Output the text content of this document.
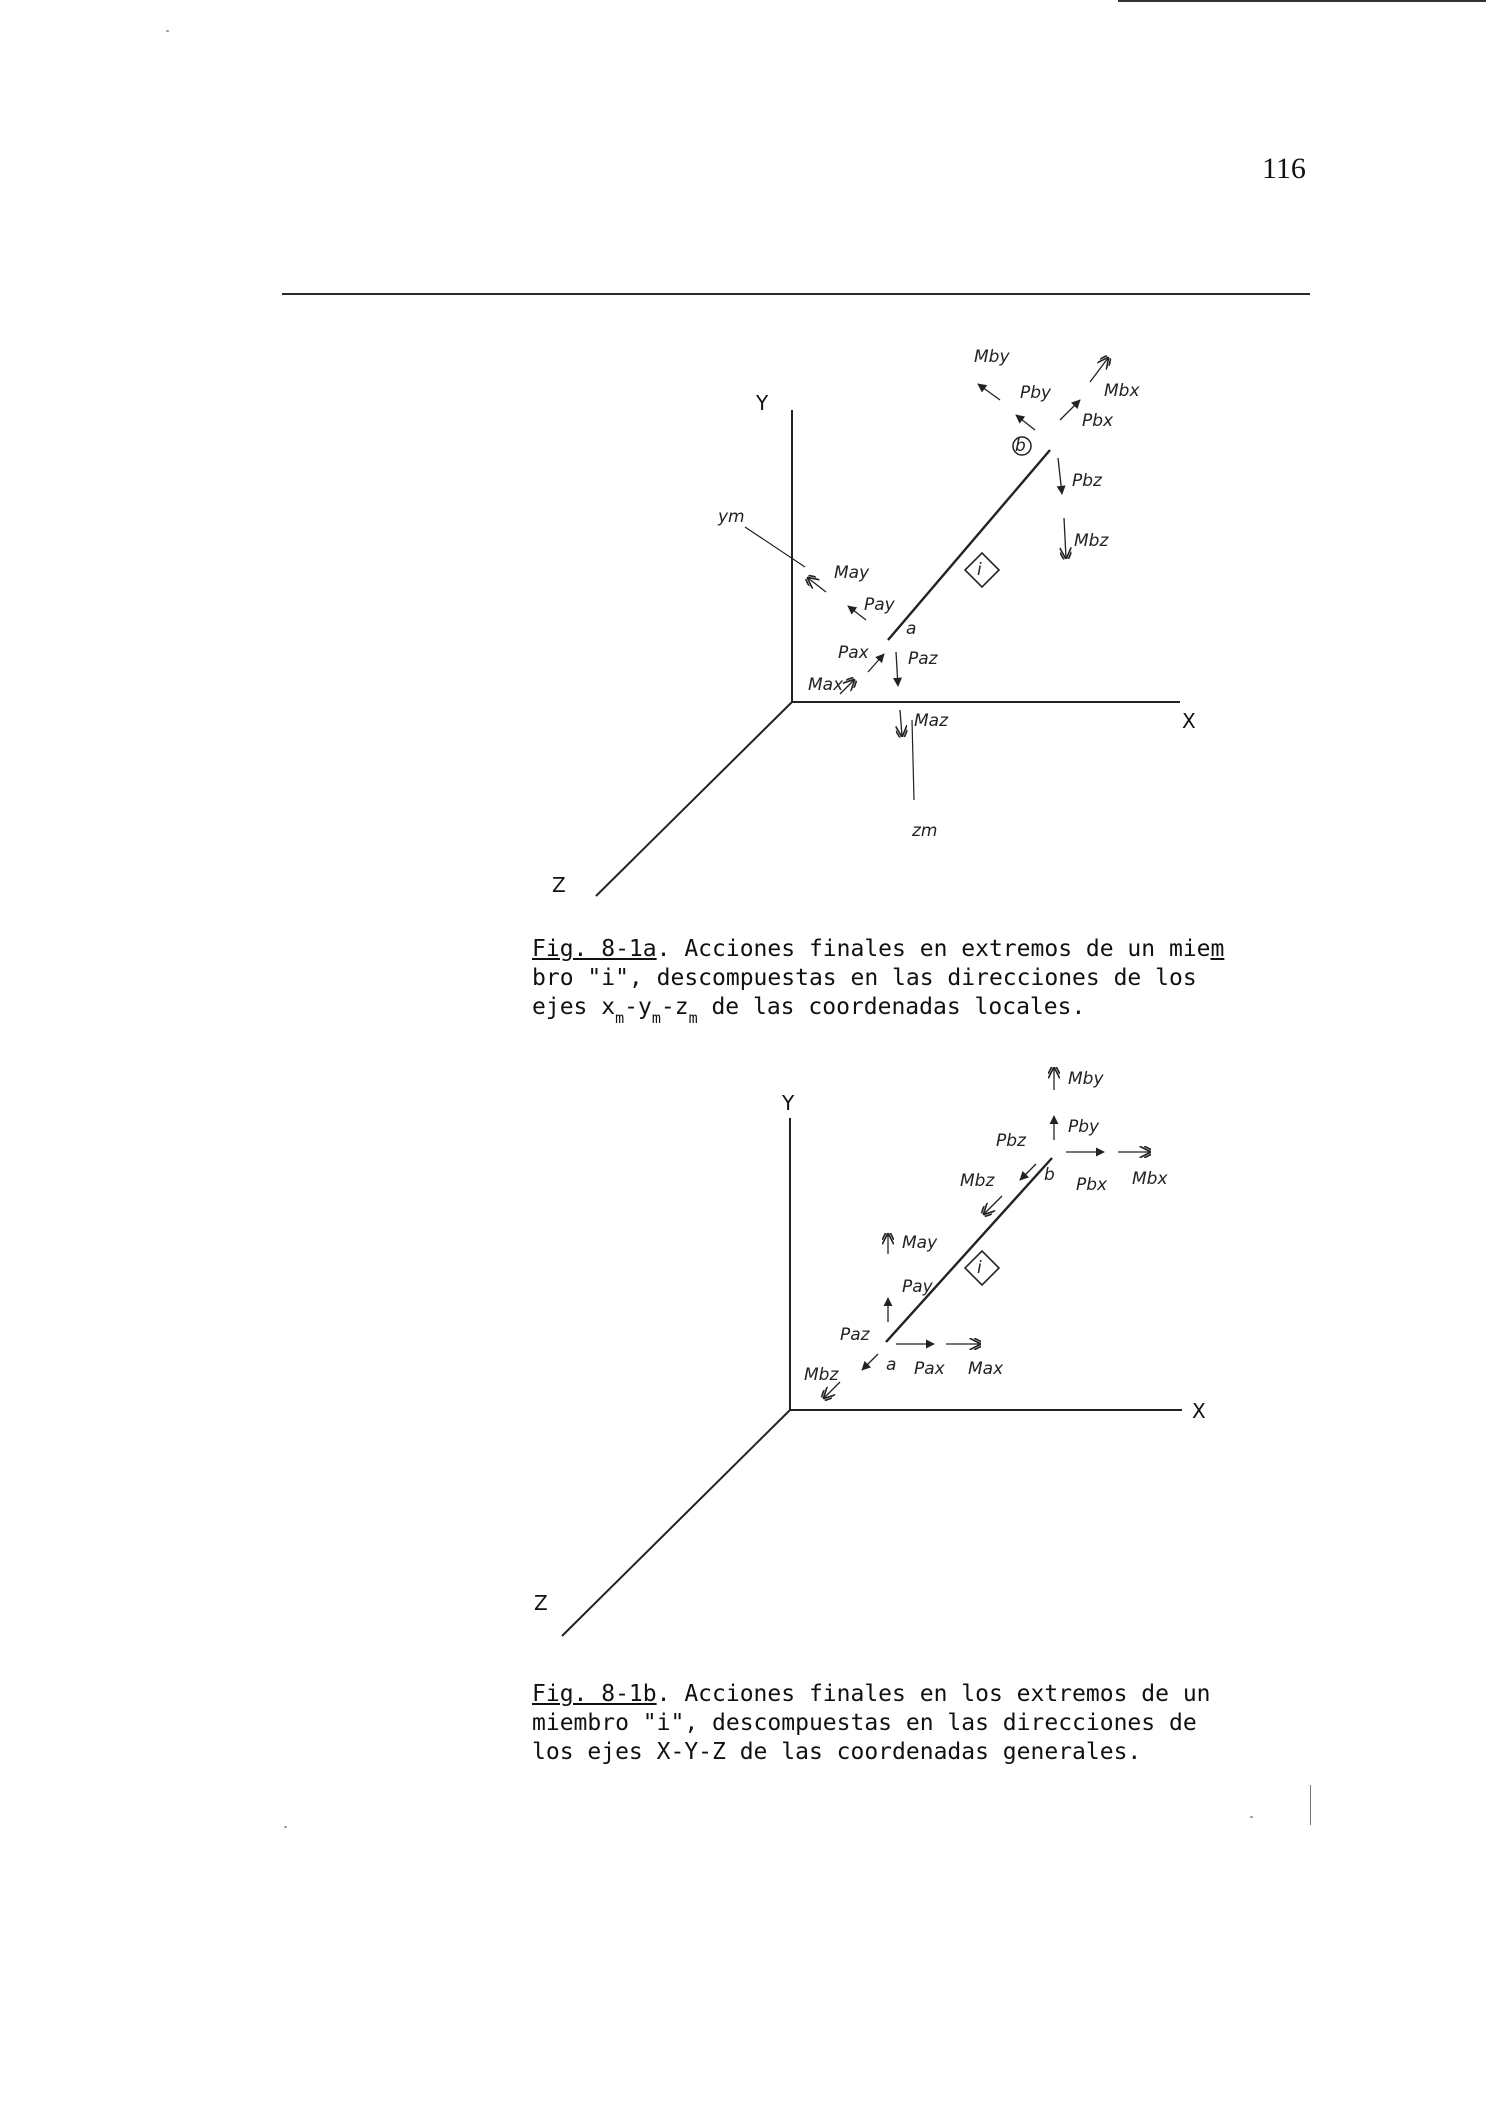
116
Y
X
Z
Mby
Pby	Mbx
Pbx
Pbz
Mbz
b
i
ym
May
Pay
a
Pax Paz
Max
Maz
zm
Y
X
Z
Mby
Pby
Pbz
Mbz	b Pbx Mbx
i
May
Pay
Paz
a Pax Max
Mbz
Fig. 8-1a. Acciones finales en extremos de un miem
bro "i", descompuestas en las direcciones de los
ejes $x_m-y_m-z_m$ de las coordenadas locales.
Fig. 8-1b. Acciones finales en los extremos de un
miembro "i", descompuestas en las direcciones de
los ejes X-Y-Z de las coordenadas generales.
